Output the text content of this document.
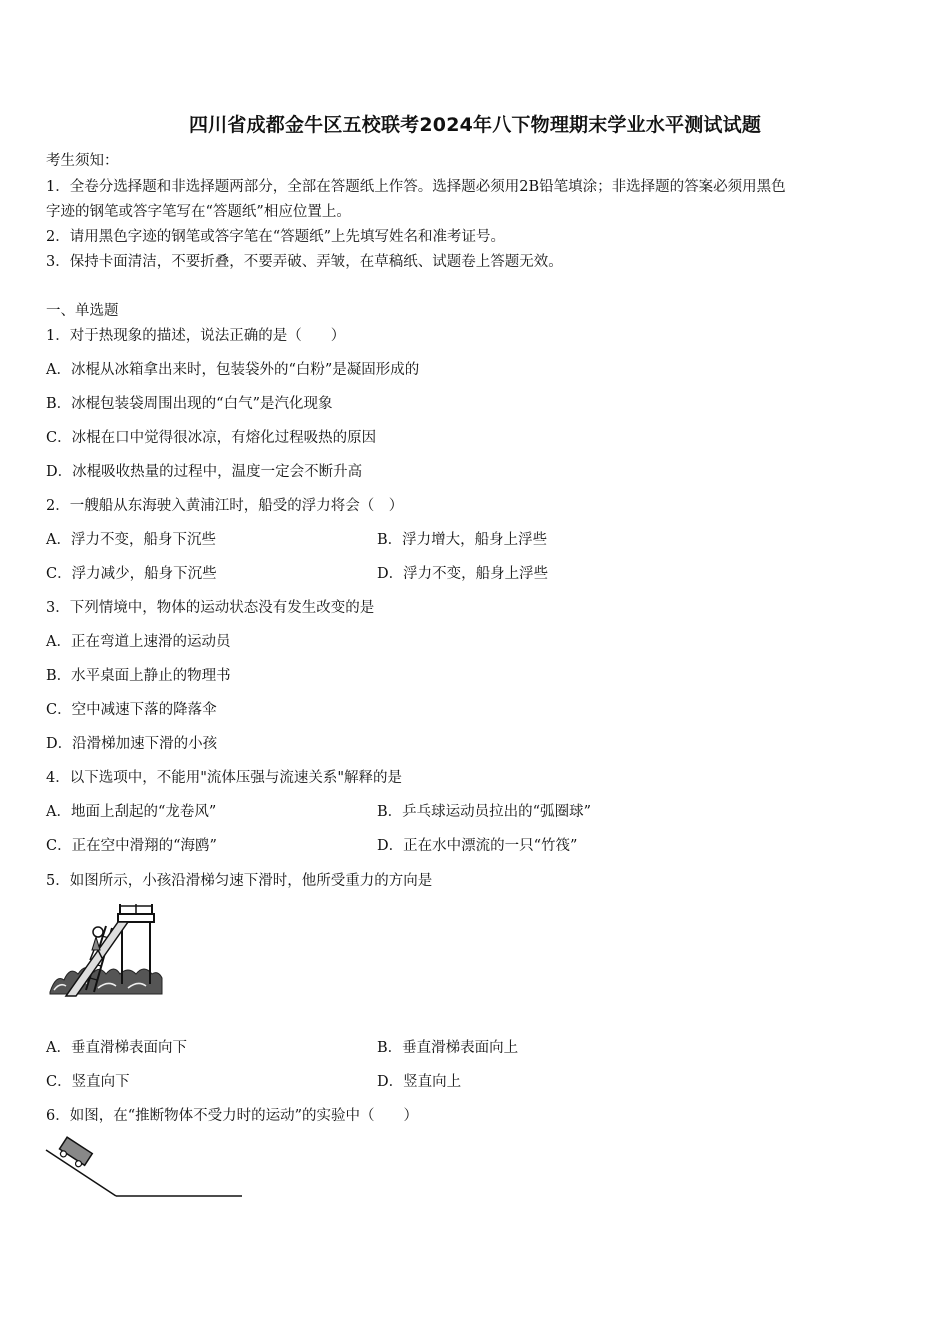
四川省成都金牛区五校联考2024年八下物理期末学业水平测试试题
考生须知：
1．全卷分选择题和非选择题两部分，全部在答题纸上作答。选择题必须用2B铅笔填涂；非选择题的答案必须用黑色
字迹的钢笔或答字笔写在“答题纸”相应位置上。
2．请用黑色字迹的钢笔或答字笔在“答题纸”上先填写姓名和准考证号。
3．保持卡面清洁，不要折叠，不要弄破、弄皱，在草稿纸、试题卷上答题无效。
一、单选题
1．对于热现象的描述，说法正确的是（　　）
A．冰棍从冰箱拿出来时，包装袋外的“白粉”是凝固形成的
B．冰棍包装袋周围出现的“白气”是汽化现象
C．冰棍在口中觉得很冰凉，有熔化过程吸热的原因
D．冰棍吸收热量的过程中，温度一定会不断升高
2．一艘船从东海驶入黄浦江时，船受的浮力将会（　）
A．浮力不变，船身下沉些	B．浮力增大，船身上浮些
C．浮力减少，船身下沉些	D．浮力不变，船身上浮些
3．下列情境中，物体的运动状态没有发生改变的是
A．正在弯道上速滑的运动员
B．水平桌面上静止的物理书
C．空中减速下落的降落伞
D．沿滑梯加速下滑的小孩
4．以下选项中，不能用"流体压强与流速关系"解释的是
A．地面上刮起的“龙卷风”	B．乒乓球运动员拉出的“弧圈球”
C．正在空中滑翔的“海鸥”	D．正在水中漂流的一只“竹筏”
5．如图所示，小孩沿滑梯匀速下滑时，他所受重力的方向是
A．垂直滑梯表面向下	B．垂直滑梯表面向上
C．竖直向下	D．竖直向上
6．如图，在“推断物体不受力时的运动”的实验中（　　）
